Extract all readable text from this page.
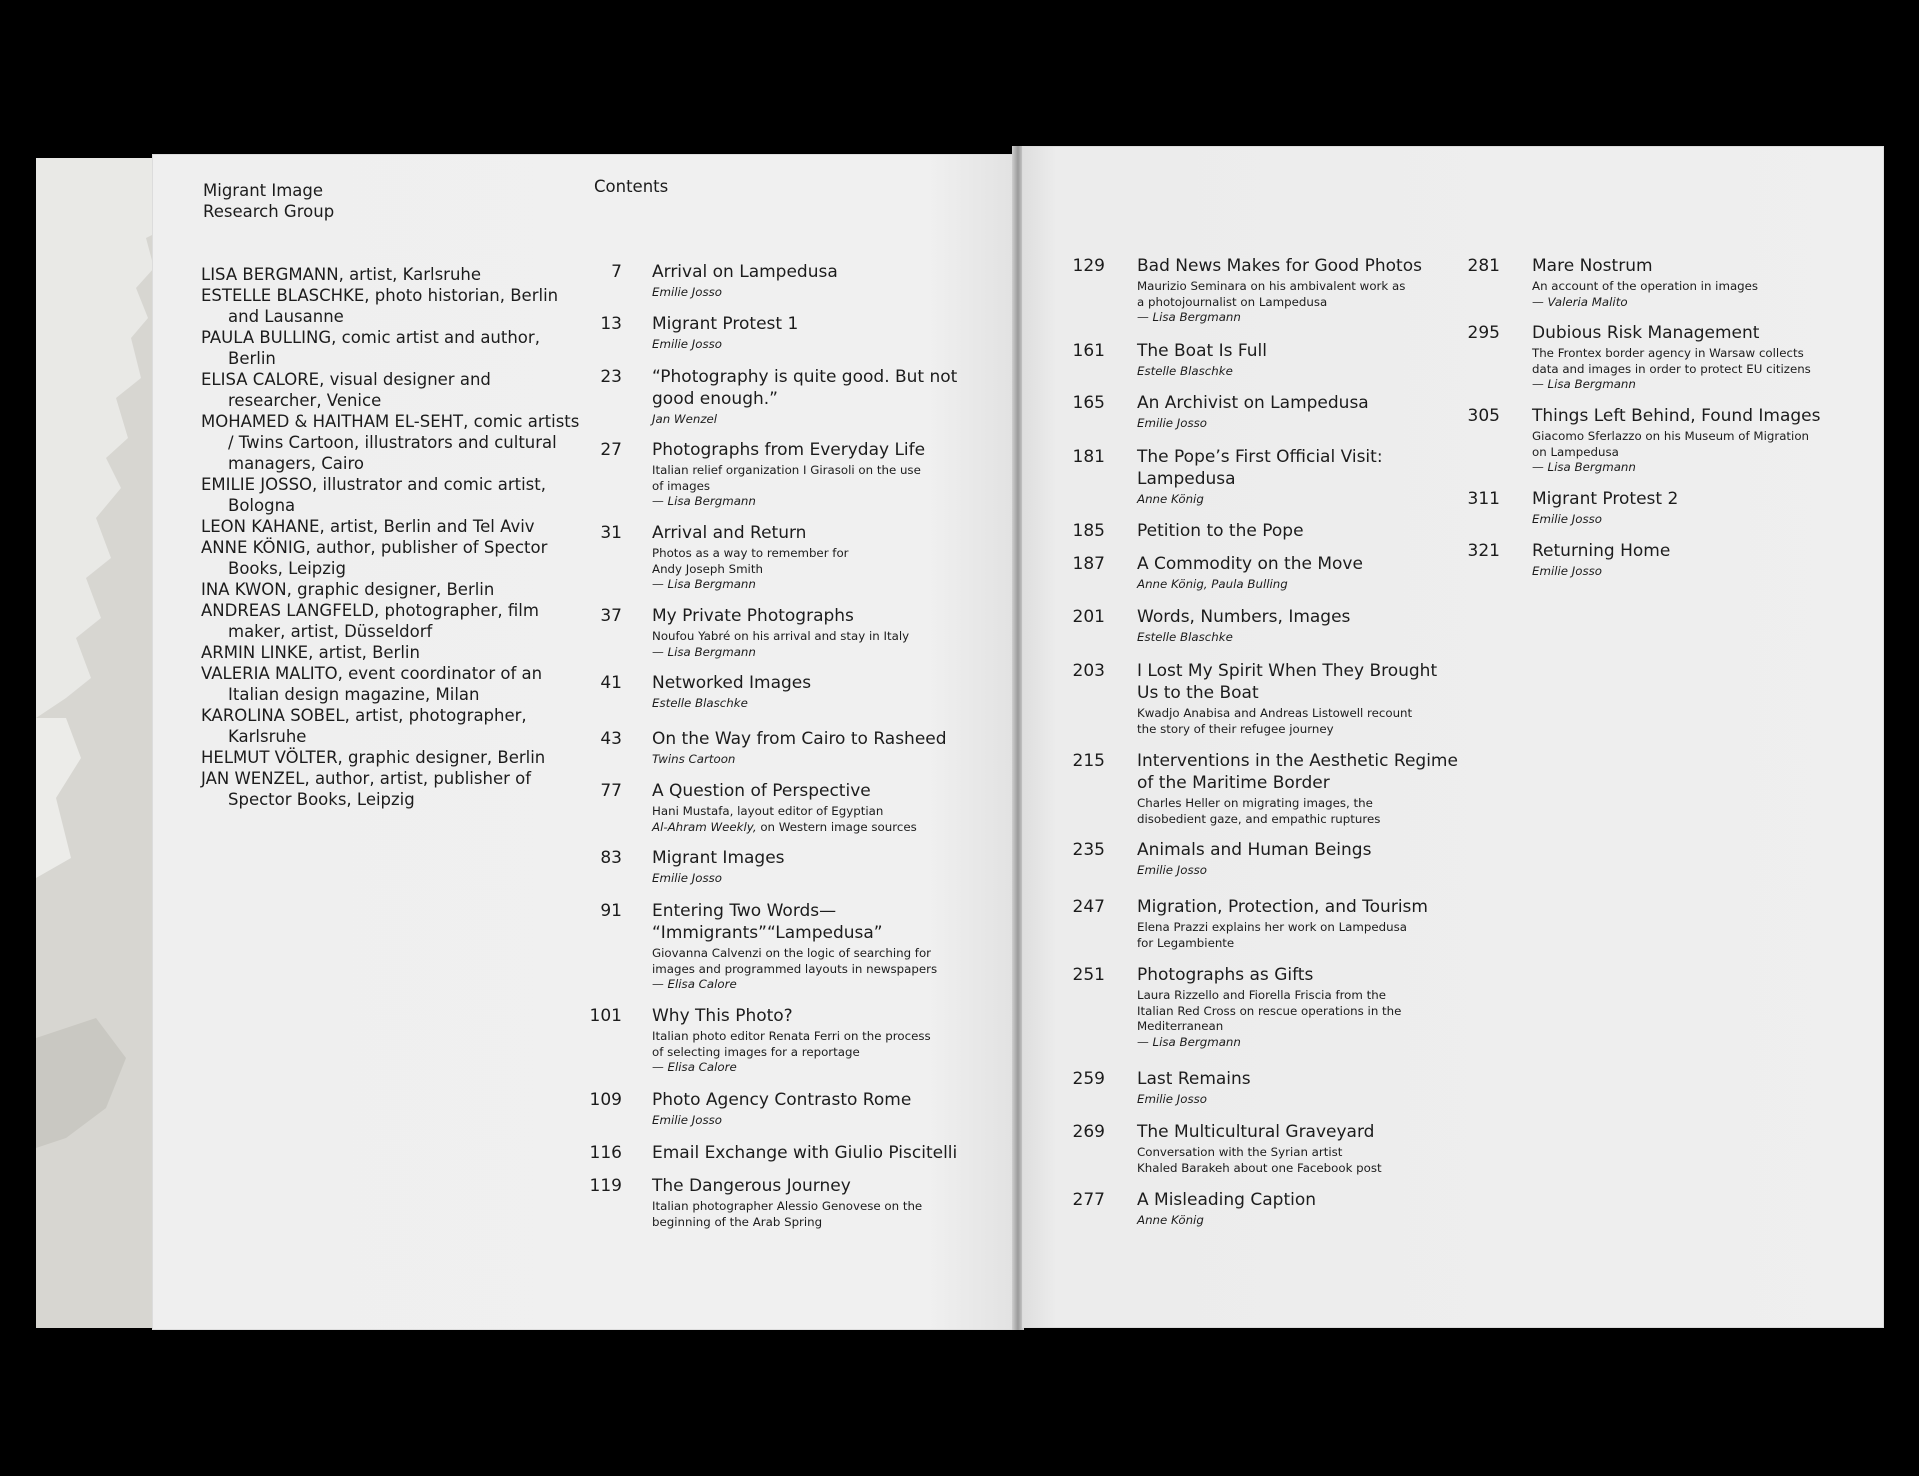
Migrant Image
Research Group
Contents
LISA BERGMANN, artist, Karlsruhe
ESTELLE BLASCHKE, photo historian, Berlin and Lausanne
PAULA BULLING, comic artist and author, Berlin
ELISA CALORE, visual designer and researcher, Venice
MOHAMED & HAITHAM EL-SEHT, comic artists / Twins Cartoon, illustrators and cultural managers, Cairo
EMILIE JOSSO, illustrator and comic artist, Bologna
LEON KAHANE, artist, Berlin and Tel Aviv
ANNE KÖNIG, author, publisher of Spector Books, Leipzig
INA KWON, graphic designer, Berlin
ANDREAS LANGFELD, photographer, film maker, artist, Düsseldorf
ARMIN LINKE, artist, Berlin
VALERIA MALITO, event coordinator of an Italian design magazine, Milan
KAROLINA SOBEL, artist, photographer, Karlsruhe
HELMUT VÖLTER, graphic designer, Berlin
JAN WENZEL, author, artist, publisher of Spector Books, Leipzig
7 Arrival on Lampedusa
Emilie Josso
13 Migrant Protest 1
Emilie Josso
23 “Photography is quite good. But not
good enough.”
Jan Wenzel
27 Photographs from Everyday Life
Italian relief organization I Girasoli on the use
of images
— Lisa Bergmann
31 Arrival and Return
Photos as a way to remember for
Andy Joseph Smith
— Lisa Bergmann
37 My Private Photographs
Noufou Yabré on his arrival and stay in Italy
— Lisa Bergmann
41 Networked Images
Estelle Blaschke
43 On the Way from Cairo to Rasheed
Twins Cartoon
77 A Question of Perspective
Hani Mustafa, layout editor of Egyptian
Al-Ahram Weekly, on Western image sources
83 Migrant Images
Emilie Josso
91 Entering Two Words—
“Immigrants”“Lampedusa”
Giovanna Calvenzi on the logic of searching for
images and programmed layouts in newspapers
— Elisa Calore
101 Why This Photo?
Italian photo editor Renata Ferri on the process
of selecting images for a reportage
— Elisa Calore
109 Photo Agency Contrasto Rome
Emilie Josso
116 Email Exchange with Giulio Piscitelli
119 The Dangerous Journey
Italian photographer Alessio Genovese on the
beginning of the Arab Spring
129 Bad News Makes for Good Photos
Maurizio Seminara on his ambivalent work as
a photojournalist on Lampedusa
— Lisa Bergmann
161 The Boat Is Full
Estelle Blaschke
165 An Archivist on Lampedusa
Emilie Josso
181 The Pope’s First Official Visit:
Lampedusa
Anne König
185 Petition to the Pope
187 A Commodity on the Move
Anne König, Paula Bulling
201 Words, Numbers, Images
Estelle Blaschke
203 I Lost My Spirit When They Brought
Us to the Boat
Kwadjo Anabisa and Andreas Listowell recount
the story of their refugee journey
215 Interventions in the Aesthetic Regime
of the Maritime Border
Charles Heller on migrating images, the
disobedient gaze, and empathic ruptures
235 Animals and Human Beings
Emilie Josso
247 Migration, Protection, and Tourism
Elena Prazzi explains her work on Lampedusa
for Legambiente
251 Photographs as Gifts
Laura Rizzello and Fiorella Friscia from the
Italian Red Cross on rescue operations in the
Mediterranean
— Lisa Bergmann
259 Last Remains
Emilie Josso
269 The Multicultural Graveyard
Conversation with the Syrian artist
Khaled Barakeh about one Facebook post
277 A Misleading Caption
Anne König
281 Mare Nostrum
An account of the operation in images
— Valeria Malito
295 Dubious Risk Management
The Frontex border agency in Warsaw collects
data and images in order to protect EU citizens
— Lisa Bergmann
305 Things Left Behind, Found Images
Giacomo Sferlazzo on his Museum of Migration
on Lampedusa
— Lisa Bergmann
311 Migrant Protest 2
Emilie Josso
321 Returning Home
Emilie Josso
